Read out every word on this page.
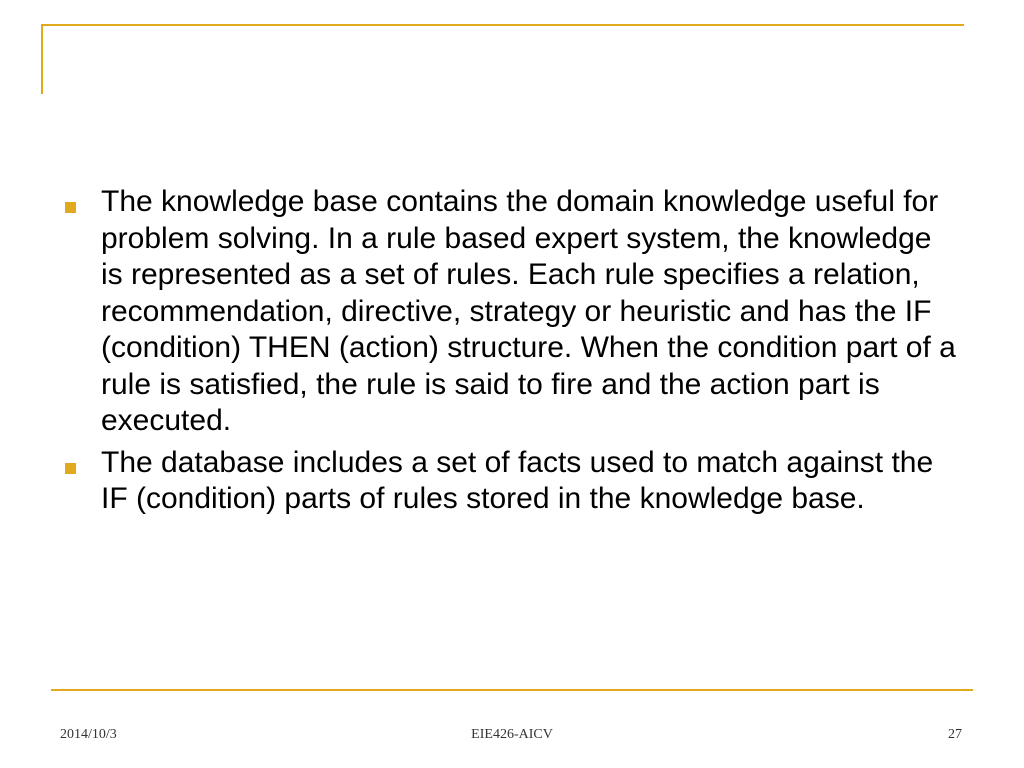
The knowledge base contains the domain knowledge useful for problem solving. In a rule based expert system, the knowledge is represented as a set of rules. Each rule specifies a relation, recommendation, directive, strategy or heuristic and has the IF (condition) THEN (action) structure. When the condition part of a rule is satisfied, the rule is said to fire and the action part is executed.

The database includes a set of facts used to match against the IF (condition) parts of rules stored in the knowledge base.

2014/10/3	EIE426-AICV	27
